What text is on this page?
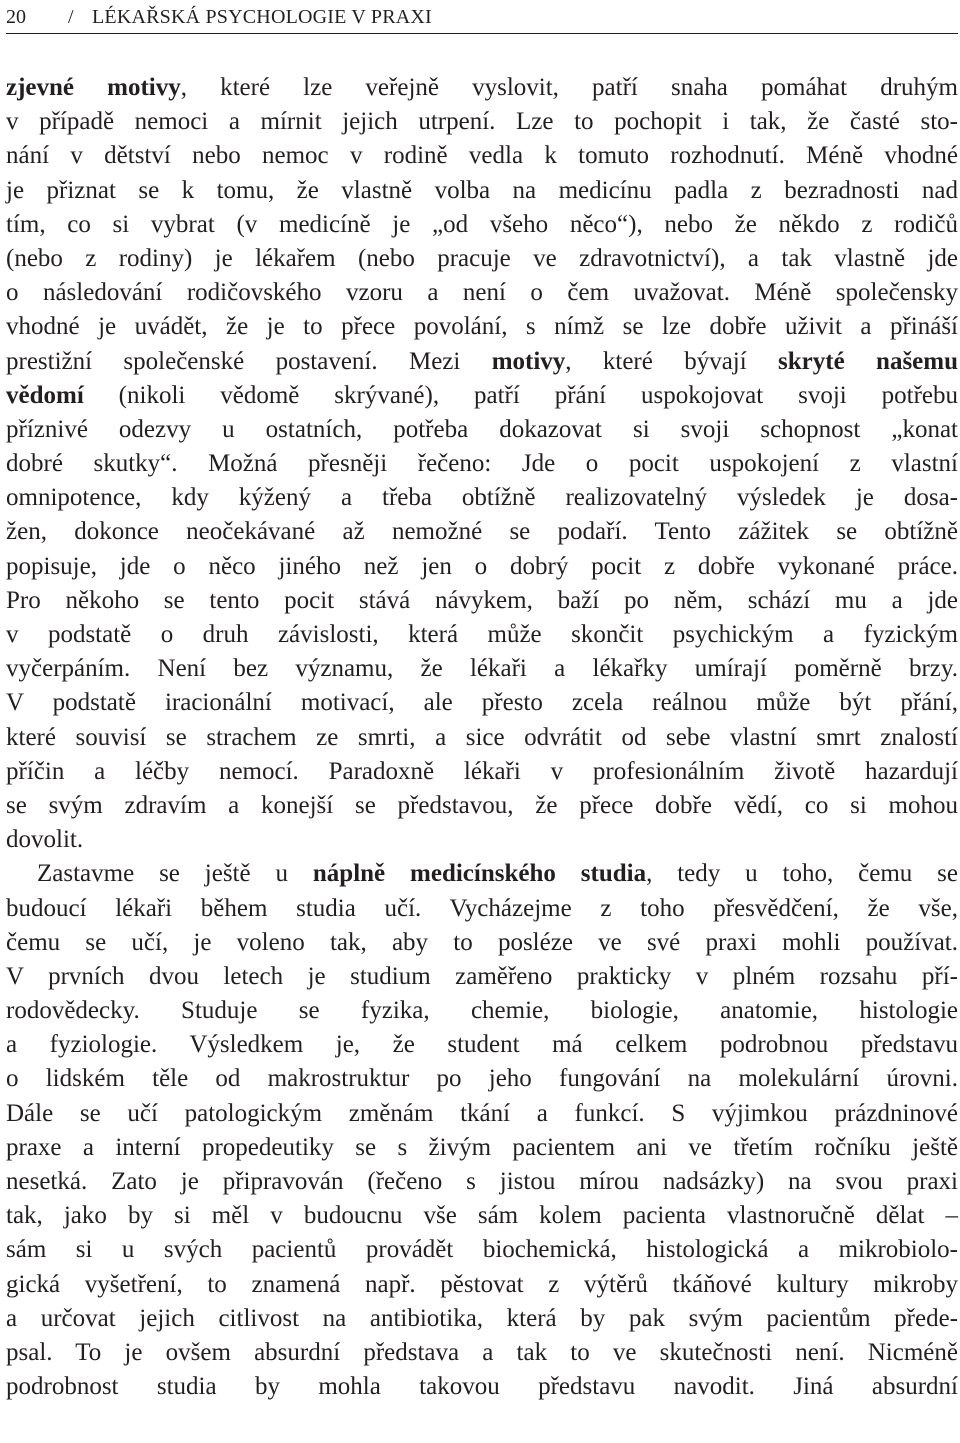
20 / LÉKAŘSKÁ PSYCHOLOGIE V PRAXI
zjevné motivy, které lze veřejně vyslovit, patří snaha pomáhat druhým
v případě nemoci a mírnit jejich utrpení. Lze to pochopit i tak, že časté sto-
nání v dětství nebo nemoc v rodině vedla k tomuto rozhodnutí. Méně vhodné
je přiznat se k tomu, že vlastně volba na medicínu padla z bezradnosti nad
tím, co si vybrat (v medicíně je „od všeho něco“), nebo že někdo z rodičů
(nebo z rodiny) je lékařem (nebo pracuje ve zdravotnictví), a tak vlastně jde
o následování rodičovského vzoru a není o čem uvažovat. Méně společensky
vhodné je uvádět, že je to přece povolání, s nímž se lze dobře uživit a přináší
prestižní společenské postavení. Mezi motivy, které bývají skryté našemu
vědomí (nikoli vědomě skrývané), patří přání uspokojovat svoji potřebu
příznivé odezvy u ostatních, potřeba dokazovat si svoji schopnost „konat
dobré skutky“. Možná přesněji řečeno: Jde o pocit uspokojení z vlastní
omnipotence, kdy kýžený a třeba obtížně realizovatelný výsledek je dosa-
žen, dokonce neočekávané až nemožné se podaří. Tento zážitek se obtížně
popisuje, jde o něco jiného než jen o dobrý pocit z dobře vykonané práce.
Pro někoho se tento pocit stává návykem, baží po něm, schází mu a jde
v podstatě o druh závislosti, která může skončit psychickým a fyzickým
vyčerpáním. Není bez významu, že lékaři a lékařky umírají poměrně brzy.
V podstatě iracionální motivací, ale přesto zcela reálnou může být přání,
které souvisí se strachem ze smrti, a sice odvrátit od sebe vlastní smrt znalostí
příčin a léčby nemocí. Paradoxně lékaři v profesionálním životě hazardují
se svým zdravím a konejší se představou, že přece dobře vědí, co si mohou
dovolit.
Zastavme se ještě u náplně medicínského studia, tedy u toho, čemu se
budoucí lékaři během studia učí. Vycházejme z toho přesvědčení, že vše,
čemu se učí, je voleno tak, aby to posléze ve své praxi mohli používat.
V prvních dvou letech je studium zaměřeno prakticky v plném rozsahu pří-
rodovědecky. Studuje se fyzika, chemie, biologie, anatomie, histologie
a fyziologie. Výsledkem je, že student má celkem podrobnou představu
o lidském těle od makrostruktur po jeho fungování na molekulární úrovni.
Dále se učí patologickým změnám tkání a funkcí. S výjimkou prázdninové
praxe a interní propedeutiky se s živým pacientem ani ve třetím ročníku ještě
nesetká. Zato je připravován (řečeno s jistou mírou nadsázky) na svou praxi
tak, jako by si měl v budoucnu vše sám kolem pacienta vlastnoručně dělat –
sám si u svých pacientů provádět biochemická, histologická a mikrobiolo-
gická vyšetření, to znamená např. pěstovat z výtěrů tkáňové kultury mikroby
a určovat jejich citlivost na antibiotika, která by pak svým pacientům přede-
psal. To je ovšem absurdní představa a tak to ve skutečnosti není. Nicméně
podrobnost studia by mohla takovou představu navodit. Jiná absurdní
